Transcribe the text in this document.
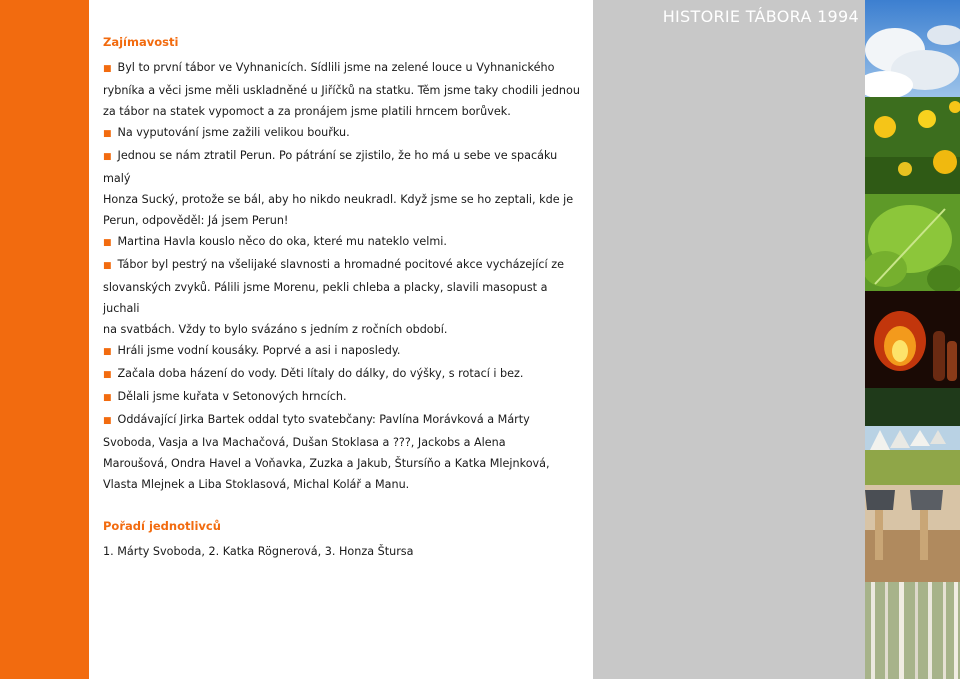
Zajímavosti

■ Byl to první tábor ve Vyhnanicích. Sídlili jsme na zelené louce u Vyhnanického

rybníka a věci jsme měli uskladněné u Jiříčků na statku. Těm jsme taky chodili jednou

za tábor na statek vypomoct a za pronájem jsme platili hrncem borůvek.

■ Na vyputování jsme zažili velikou bouřku.

■ Jednou se nám ztratil Perun. Po pátrání se zjistilo, že ho má u sebe ve spacáku malý

Honza Sucký, protože se bál, aby ho nikdo neukradl. Když jsme se ho zeptali, kde je

Perun, odpověděl: Já jsem Perun!

■ Martina Havla kouslo něco do oka, které mu nateklo velmi.

■ Tábor byl pestrý na všelijaké slavnosti a hromadné pocitové akce vycházející ze

slovanských zvyků. Pálili jsme Morenu, pekli chleba a placky, slavili masopust a juchali

na svatbách. Vždy to bylo svázáno s jedním z ročních období.

■ Hráli jsme vodní kousáky. Poprvé a asi i naposledy.

■ Začala doba házení do vody. Děti lítaly do dálky, do výšky, s rotací i bez.

■ Dělali jsme kuřata v Setonových hrncích.

■ Oddávající Jirka Bartek oddal tyto svatebčany: Pavlína Morávková a Márty

Svoboda, Vasja a Iva Machačová, Dušan Stoklasa a ???, Jackobs a Alena

Maroušová, Ondra Havel a Voňavka, Zuzka a Jakub, Štursíňo a Katka Mlejnková,

Vlasta Mlejnek a Liba Stoklasová, Michal Kolář a Manu.

Pořadí jednotlivců

1. Márty Svoboda, 2. Katka Rögnerová, 3. Honza Štursa

HISTORIE TÁBORA 1994
